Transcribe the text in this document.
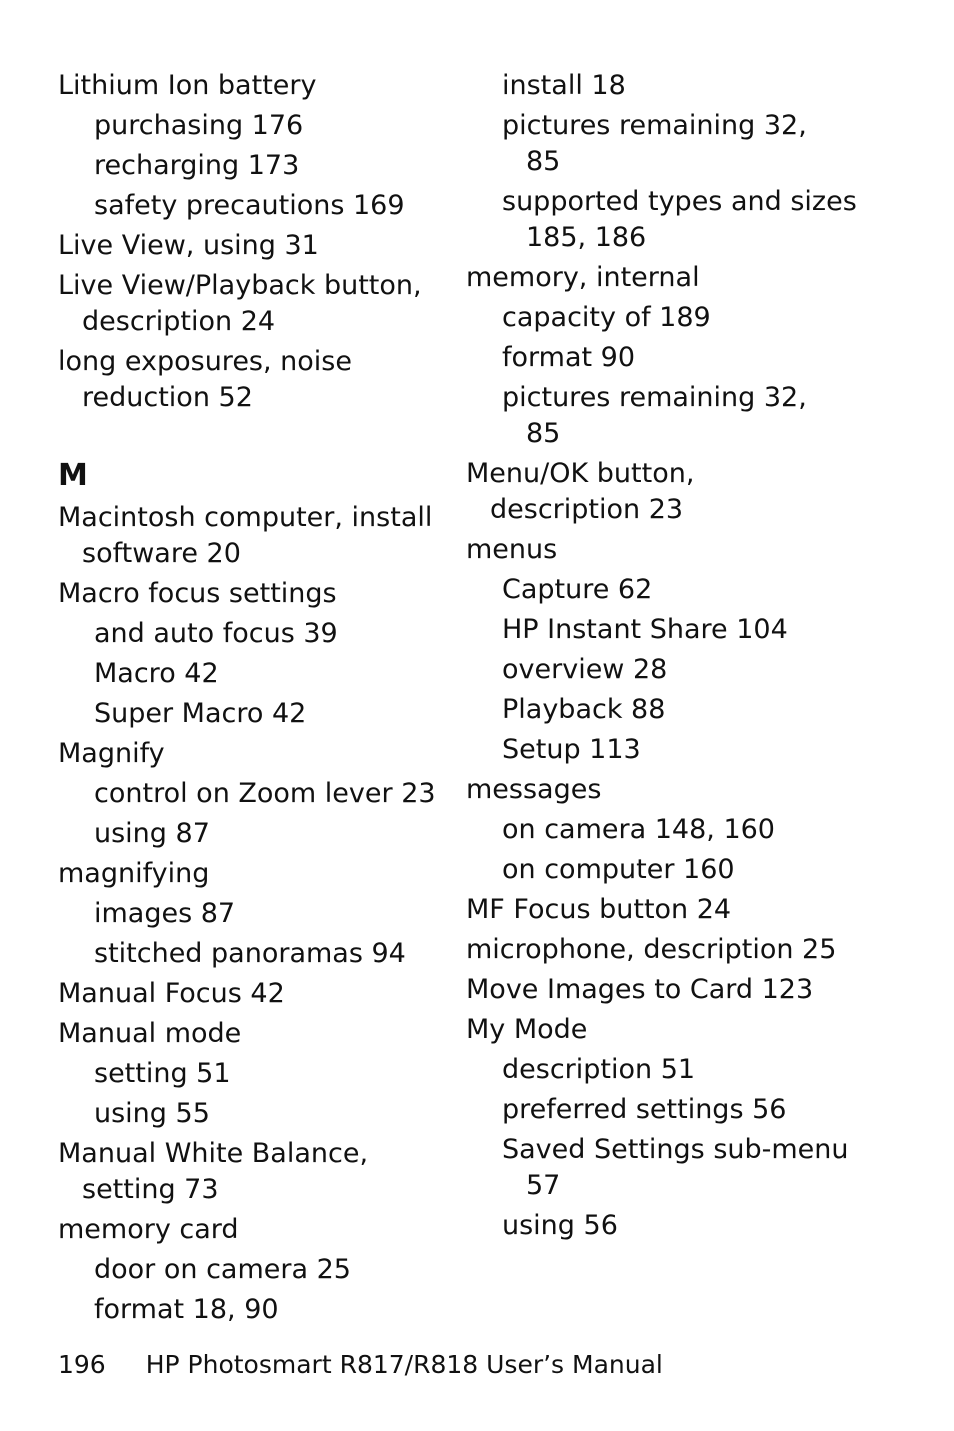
Lithium Ion battery
purchasing 176
recharging 173
safety precautions 169
Live View, using 31
Live View/Playback button,
description 24
long exposures, noise
reduction 52
M
Macintosh computer, install
software 20
Macro focus settings
and auto focus 39
Macro 42
Super Macro 42
Magnify
control on Zoom lever 23
using 87
magnifying
images 87
stitched panoramas 94
Manual Focus 42
Manual mode
setting 51
using 55
Manual White Balance,
setting 73
memory card
door on camera 25
format 18, 90
install 18
pictures remaining 32,
85
supported types and sizes
185, 186
memory, internal
capacity of 189
format 90
pictures remaining 32,
85
Menu/OK button,
description 23
menus
Capture 62
HP Instant Share 104
overview 28
Playback 88
Setup 113
messages
on camera 148, 160
on computer 160
MF Focus button 24
microphone, description 25
Move Images to Card 123
My Mode
description 51
preferred settings 56
Saved Settings sub-menu
57
using 56
196 HP Photosmart R817/R818 User’s Manual
